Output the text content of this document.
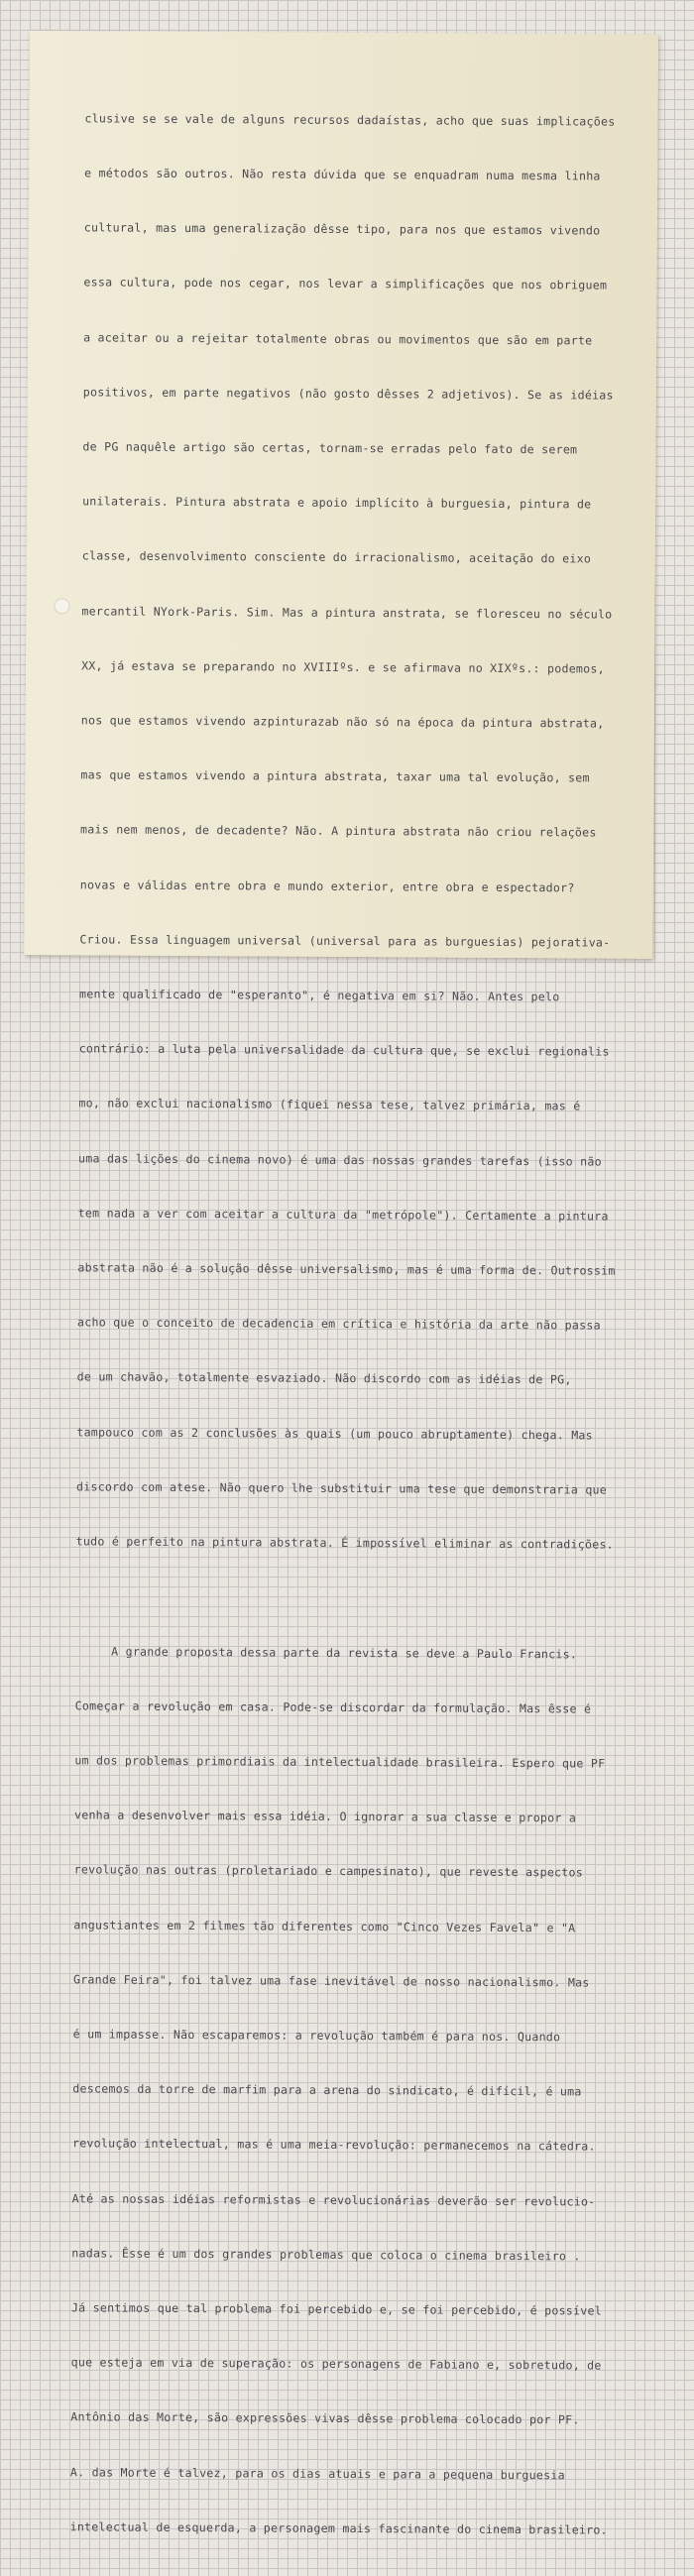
clusive se se vale de alguns recursos dadaístas, acho que suas implicações

e métodos são outros. Não resta dúvida que se enquadram numa mesma linha

cultural, mas uma generalização dêsse tipo, para nos que estamos vivendo

essa cultura, pode nos cegar, nos levar a simplificações que nos obriguem

a aceitar ou a rejeitar totalmente obras ou movimentos que são em parte

positivos, em parte negativos (não gosto dêsses 2 adjetivos). Se as idéias

de PG naquêle artigo são certas, tornam-se erradas pelo fato de serem

unilaterais. Pintura abstrata e apoio implícito à burguesia, pintura de

classe, desenvolvimento consciente do irracionalismo, aceitação do eixo

mercantil NYork-Paris. Sim. Mas a pintura anstrata, se floresceu no século

XX, já estava se preparando no XVIIIºs. e se afirmava no XIXºs.: podemos,

nos que estamos vivendo azpinturazab não só na época da pintura abstrata,

mas que estamos vivendo a pintura abstrata, taxar uma tal evolução, sem

mais nem menos, de decadente? Não. A pintura abstrata não criou relações

novas e válidas entre obra e mundo exterior, entre obra e espectador?

Criou. Essa linguagem universal (universal para as burguesias) pejorativa-

mente qualificado de "esperanto", é negativa em si? Não. Antes pelo

contrário: a luta pela universalidade da cultura que, se exclui regionalis

mo, não exclui nacionalismo (fiquei nessa tese, talvez primária, mas é

uma das lições do cinema novo) é uma das nossas grandes tarefas (isso não

tem nada a ver com aceitar a cultura da "metrópole"). Certamente a pintura

abstrata não é a solução dêsse universalismo, mas é uma forma de. Outrossim

acho que o conceito de decadencia em crítica e história da arte não passa

de um chavão, totalmente esvaziado. Não discordo com as idéias de PG,

tampouco com as 2 conclusões às quais (um pouco abruptamente) chega. Mas

discordo com atese. Não quero lhe substituir uma tese que demonstraria que

tudo é perfeito na pintura abstrata. É impossível eliminar as contradições.

A grande proposta dessa parte da revista se deve a Paulo Francis.

Começar a revolução em casa. Pode-se discordar da formulação. Mas êsse é

um dos problemas primordiais da intelectualidade brasileira. Espero que PF

venha a desenvolver mais essa idéia. O ignorar a sua classe e propor a

revolução nas outras (proletariado e campesinato), que reveste aspectos

angustiantes em 2 filmes tão diferentes como "Cinco Vezes Favela" e "A

Grande Feira", foi talvez uma fase inevitável de nosso nacionalismo. Mas

é um impasse. Não escaparemos: a revolução também é para nos. Quando

descemos da torre de marfim para a arena do sindicato, é difícil, é uma

revolução intelectual, mas é uma meia-revolução: permanecemos na cátedra.

Até as nossas idéias reformistas e revolucionárias deverão ser revolucio-

nadas. Êsse é um dos grandes problemas que coloca o cinema brasileiro .

Já sentimos que tal problema foi percebido e, se foi percebido, é possível

que esteja em via de superação: os personagens de Fabiano e, sobretudo, de

Antônio das Morte, são expressões vivas dêsse problema colocado por PF.

A. das Morte é talvez, para os dias atuais e para a pequena burguesia

intelectual de esquerda, a personagem mais fascinante do cinema brasileiro.
